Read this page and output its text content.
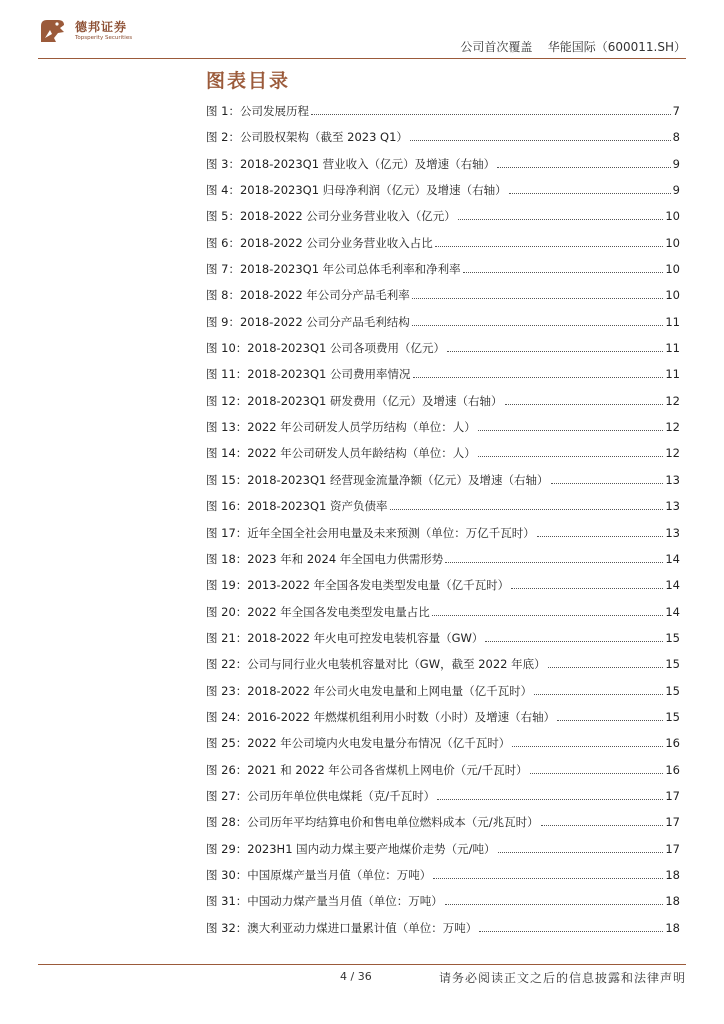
德邦证券
Topsperity Securities
公司首次覆盖 华能国际（600011.SH）
图表目录
图 1：公司发展历程	7
图 2：公司股权架构（截至 2023 Q1）	8
图 3：2018-2023Q1 营业收入（亿元）及增速（右轴）	9
图 4：2018-2023Q1 归母净利润（亿元）及增速（右轴）	9
图 5：2018-2022 公司分业务营业收入（亿元）	10
图 6：2018-2022 公司分业务营业收入占比	10
图 7：2018-2023Q1 年公司总体毛利率和净利率	10
图 8：2018-2022 年公司分产品毛利率	10
图 9：2018-2022 公司分产品毛利结构	11
图 10：2018-2023Q1 公司各项费用（亿元）	11
图 11：2018-2023Q1 公司费用率情况	11
图 12：2018-2023Q1 研发费用（亿元）及增速（右轴）	12
图 13：2022 年公司研发人员学历结构（单位：人）	12
图 14：2022 年公司研发人员年龄结构（单位：人）	12
图 15：2018-2023Q1 经营现金流量净额（亿元）及增速（右轴）	13
图 16：2018-2023Q1 资产负债率	13
图 17：近年全国全社会用电量及未来预测（单位：万亿千瓦时）	13
图 18：2023 年和 2024 年全国电力供需形势	14
图 19：2013-2022 年全国各发电类型发电量（亿千瓦时）	14
图 20：2022 年全国各发电类型发电量占比	14
图 21：2018-2022 年火电可控发电装机容量（GW）	15
图 22：公司与同行业火电装机容量对比（GW，截至 2022 年底）	15
图 23：2018-2022 年公司火电发电量和上网电量（亿千瓦时）	15
图 24：2016-2022 年燃煤机组利用小时数（小时）及增速（右轴）	15
图 25：2022 年公司境内火电发电量分布情况（亿千瓦时）	16
图 26：2021 和 2022 年公司各省煤机上网电价（元/千瓦时）	16
图 27：公司历年单位供电煤耗（克/千瓦时）	17
图 28：公司历年平均结算电价和售电单位燃料成本（元/兆瓦时）	17
图 29：2023H1 国内动力煤主要产地煤价走势（元/吨）	17
图 30：中国原煤产量当月值（单位：万吨）	18
图 31：中国动力煤产量当月值（单位：万吨）	18
图 32：澳大利亚动力煤进口量累计值（单位：万吨）	18
4 / 36	请务必阅读正文之后的信息披露和法律声明
